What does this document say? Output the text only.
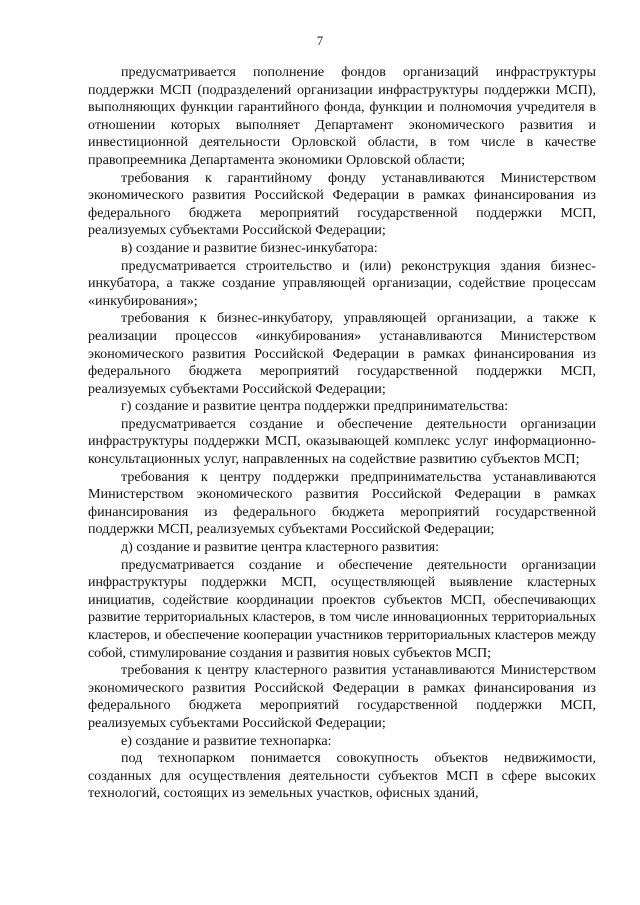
7

предусматривается пополнение фондов организаций инфраструктуры поддержки МСП (подразделений организации инфраструктуры поддержки МСП), выполняющих функции гарантийного фонда, функции и полномочия учредителя в отношении которых выполняет Департамент экономического развития и инвестиционной деятельности Орловской области, в том числе в качестве правопреемника Департамента экономики Орловской области;

требования к гарантийному фонду устанавливаются Министерством экономического развития Российской Федерации в рамках финансирования из федерального бюджета мероприятий государственной поддержки МСП, реализуемых субъектами Российской Федерации;

в) создание и развитие бизнес-инкубатора:

предусматривается строительство и (или) реконструкция здания бизнес-инкубатора, а также создание управляющей организации, содействие процессам «инкубирования»;

требования к бизнес-инкубатору, управляющей организации, а также к реализации процессов «инкубирования» устанавливаются Министерством экономического развития Российской Федерации в рамках финансирования из федерального бюджета мероприятий государственной поддержки МСП, реализуемых субъектами Российской Федерации;

г) создание и развитие центра поддержки предпринимательства:

предусматривается создание и обеспечение деятельности организации инфраструктуры поддержки МСП, оказывающей комплекс услуг информационно-консультационных услуг, направленных на содействие развитию субъектов МСП;

требования к центру поддержки предпринимательства устанавливаются Министерством экономического развития Российской Федерации в рамках финансирования из федерального бюджета мероприятий государственной поддержки МСП, реализуемых субъектами Российской Федерации;

д) создание и развитие центра кластерного развития:

предусматривается создание и обеспечение деятельности организации инфраструктуры поддержки МСП, осуществляющей выявление кластерных инициатив, содействие координации проектов субъектов МСП, обеспечивающих развитие территориальных кластеров, в том числе инновационных территориальных кластеров, и обеспечение кооперации участников территориальных кластеров между собой, стимулирование создания и развития новых субъектов МСП;

требования к центру кластерного развития устанавливаются Министерством экономического развития Российской Федерации в рамках финансирования из федерального бюджета мероприятий государственной поддержки МСП, реализуемых субъектами Российской Федерации;

е) создание и развитие технопарка:

под технопарком понимается совокупность объектов недвижимости, созданных для осуществления деятельности субъектов МСП в сфере высоких технологий, состоящих из земельных участков, офисных зданий,
